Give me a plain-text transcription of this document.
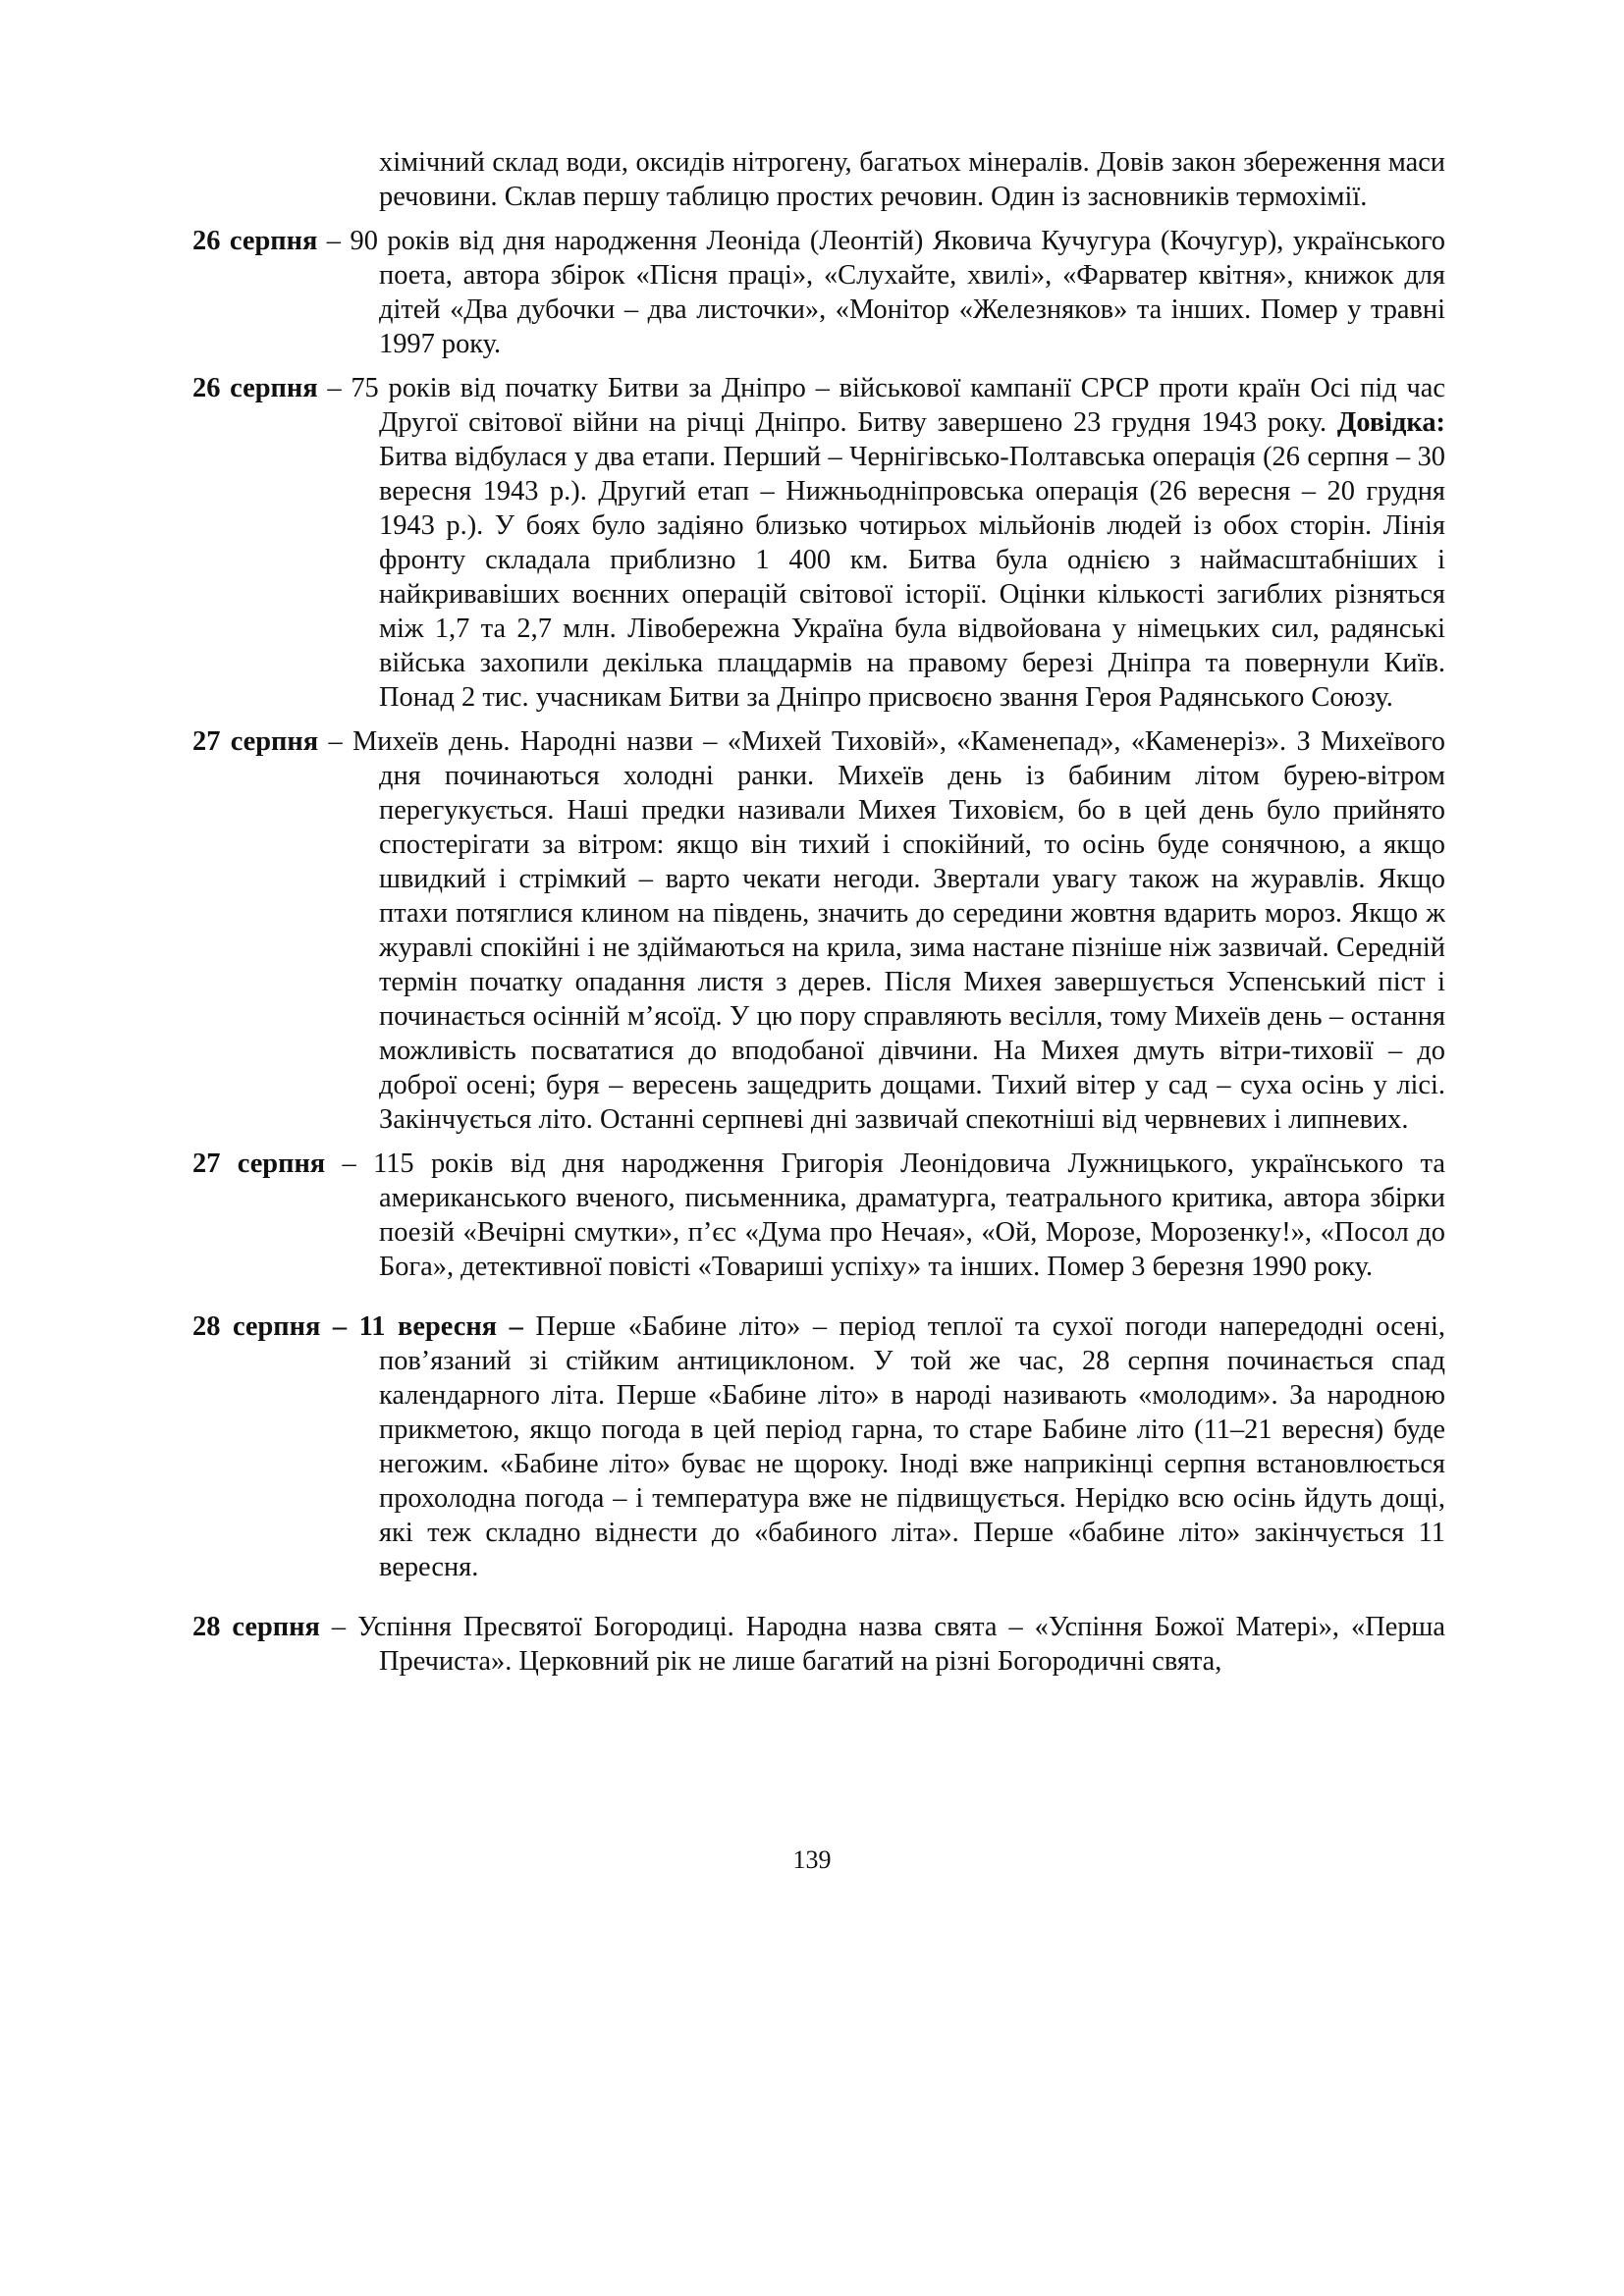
хімічний склад води, оксидів нітрогену, багатьох мінералів. Довів закон збереження маси речовини. Склав першу таблицю простих речовин. Один із засновників термохімії.
26 серпня – 90 років від дня народження Леоніда (Леонтій) Яковича Кучугура (Кочугур), українського поета, автора збірок «Пісня праці», «Слухайте, хвилі», «Фарватер квітня», книжок для дітей «Два дубочки – два листочки», «Монітор «Железняков» та інших. Помер у травні 1997 року.
26 серпня – 75 років від початку Битви за Дніпро – військової кампанії СРСР проти країн Осі під час Другої світової війни на річці Дніпро. Битву завершено 23 грудня 1943 року. Довідка: Битва відбулася у два етапи. Перший – Чернігівсько-Полтавська операція (26 серпня – 30 вересня 1943 р.). Другий етап – Нижньодніпровська операція (26 вересня – 20 грудня 1943 р.). У боях було задіяно близько чотирьох мільйонів людей із обох сторін. Лінія фронту складала приблизно 1 400 км. Битва була однією з наймасштабніших і найкривавіших воєнних операцій світової історії. Оцінки кількості загиблих різняться між 1,7 та 2,7 млн. Лівобережна Україна була відвойована у німецьких сил, радянські війська захопили декілька плацдармів на правому березі Дніпра та повернули Київ. Понад 2 тис. учасникам Битви за Дніпро присвоєно звання Героя Радянського Союзу.
27 серпня – Михеїв день. Народні назви – «Михей Тиховій», «Каменепад», «Каменеріз». З Михеївого дня починаються холодні ранки. Михеїв день із бабиним літом бурею-вітром перегукується. Наші предки називали Михея Тиховієм, бо в цей день було прийнято спостерігати за вітром: якщо він тихий і спокійний, то осінь буде сонячною, а якщо швидкий і стрімкий – варто чекати негоди. Звертали увагу також на журавлів. Якщо птахи потяглися клином на південь, значить до середини жовтня вдарить мороз. Якщо ж журавлі спокійні і не здіймаються на крила, зима настане пізніше ніж зазвичай. Середній термін початку опадання листя з дерев. Після Михея завершується Успенський піст і починається осінній м’ясоїд. У цю пору справляють весілля, тому Михеїв день – остання можливість посвататися до вподобаної дівчини. На Михея дмуть вітри-тиховії – до доброї осені; буря – вересень защедрить дощами. Тихий вітер у сад – суха осінь у лісі. Закінчується літо. Останні серпневі дні зазвичай спекотніші від червневих і липневих.
27 серпня – 115 років від дня народження Григорія Леонідовича Лужницького, українського та американського вченого, письменника, драматурга, театрального критика, автора збірки поезій «Вечірні смутки», п’єс «Дума про Нечая», «Ой, Морозе, Морозенку!», «Посол до Бога», детективної повісті «Товариші успіху» та інших. Помер 3 березня 1990 року.
28 серпня – 11 вересня – Перше «Бабине літо» – період теплої та сухої погоди напередодні осені, пов’язаний зі стійким антициклоном. У той же час, 28 серпня починається спад календарного літа. Перше «Бабине літо» в народі називають «молодим». За народною прикметою, якщо погода в цей період гарна, то старе Бабине літо (11–21 вересня) буде негожим. «Бабине літо» буває не щороку. Іноді вже наприкінці серпня встановлюється прохолодна погода – і температура вже не підвищується. Нерідко всю осінь йдуть дощі, які теж складно віднести до «бабиного літа». Перше «бабине літо» закінчується 11 вересня.
28 серпня – Успіння Пресвятої Богородиці. Народна назва свята – «Успіння Божої Матері», «Перша Пречиста». Церковний рік не лише багатий на різні Богородичні свята,
139
